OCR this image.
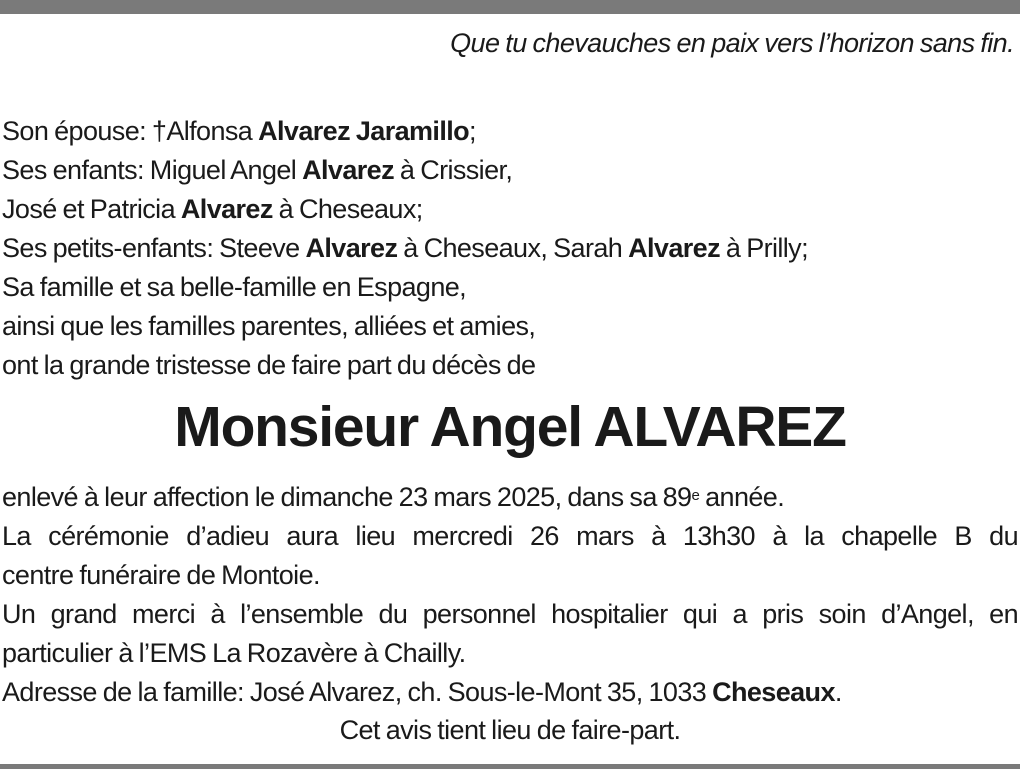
Que tu chevauches en paix vers l’horizon sans fin.
Son épouse: †Alfonsa Alvarez Jaramillo;
Ses enfants: Miguel Angel Alvarez à Crissier,
José et Patricia Alvarez à Cheseaux;
Ses petits-enfants: Steeve Alvarez à Cheseaux, Sarah Alvarez à Prilly;
Sa famille et sa belle-famille en Espagne,
ainsi que les familles parentes, alliées et amies,
ont la grande tristesse de faire part du décès de
Monsieur Angel ALVAREZ
enlevé à leur affection le dimanche 23 mars 2025, dans sa 89e année.
La cérémonie d’adieu aura lieu mercredi 26 mars à 13h30 à la chapelle B du
centre funéraire de Montoie.
Un grand merci à l’ensemble du personnel hospitalier qui a pris soin d’Angel, en
particulier à l’EMS La Rozavère à Chailly.
Adresse de la famille: José Alvarez, ch. Sous-le-Mont 35, 1033 Cheseaux.
Cet avis tient lieu de faire-part.
